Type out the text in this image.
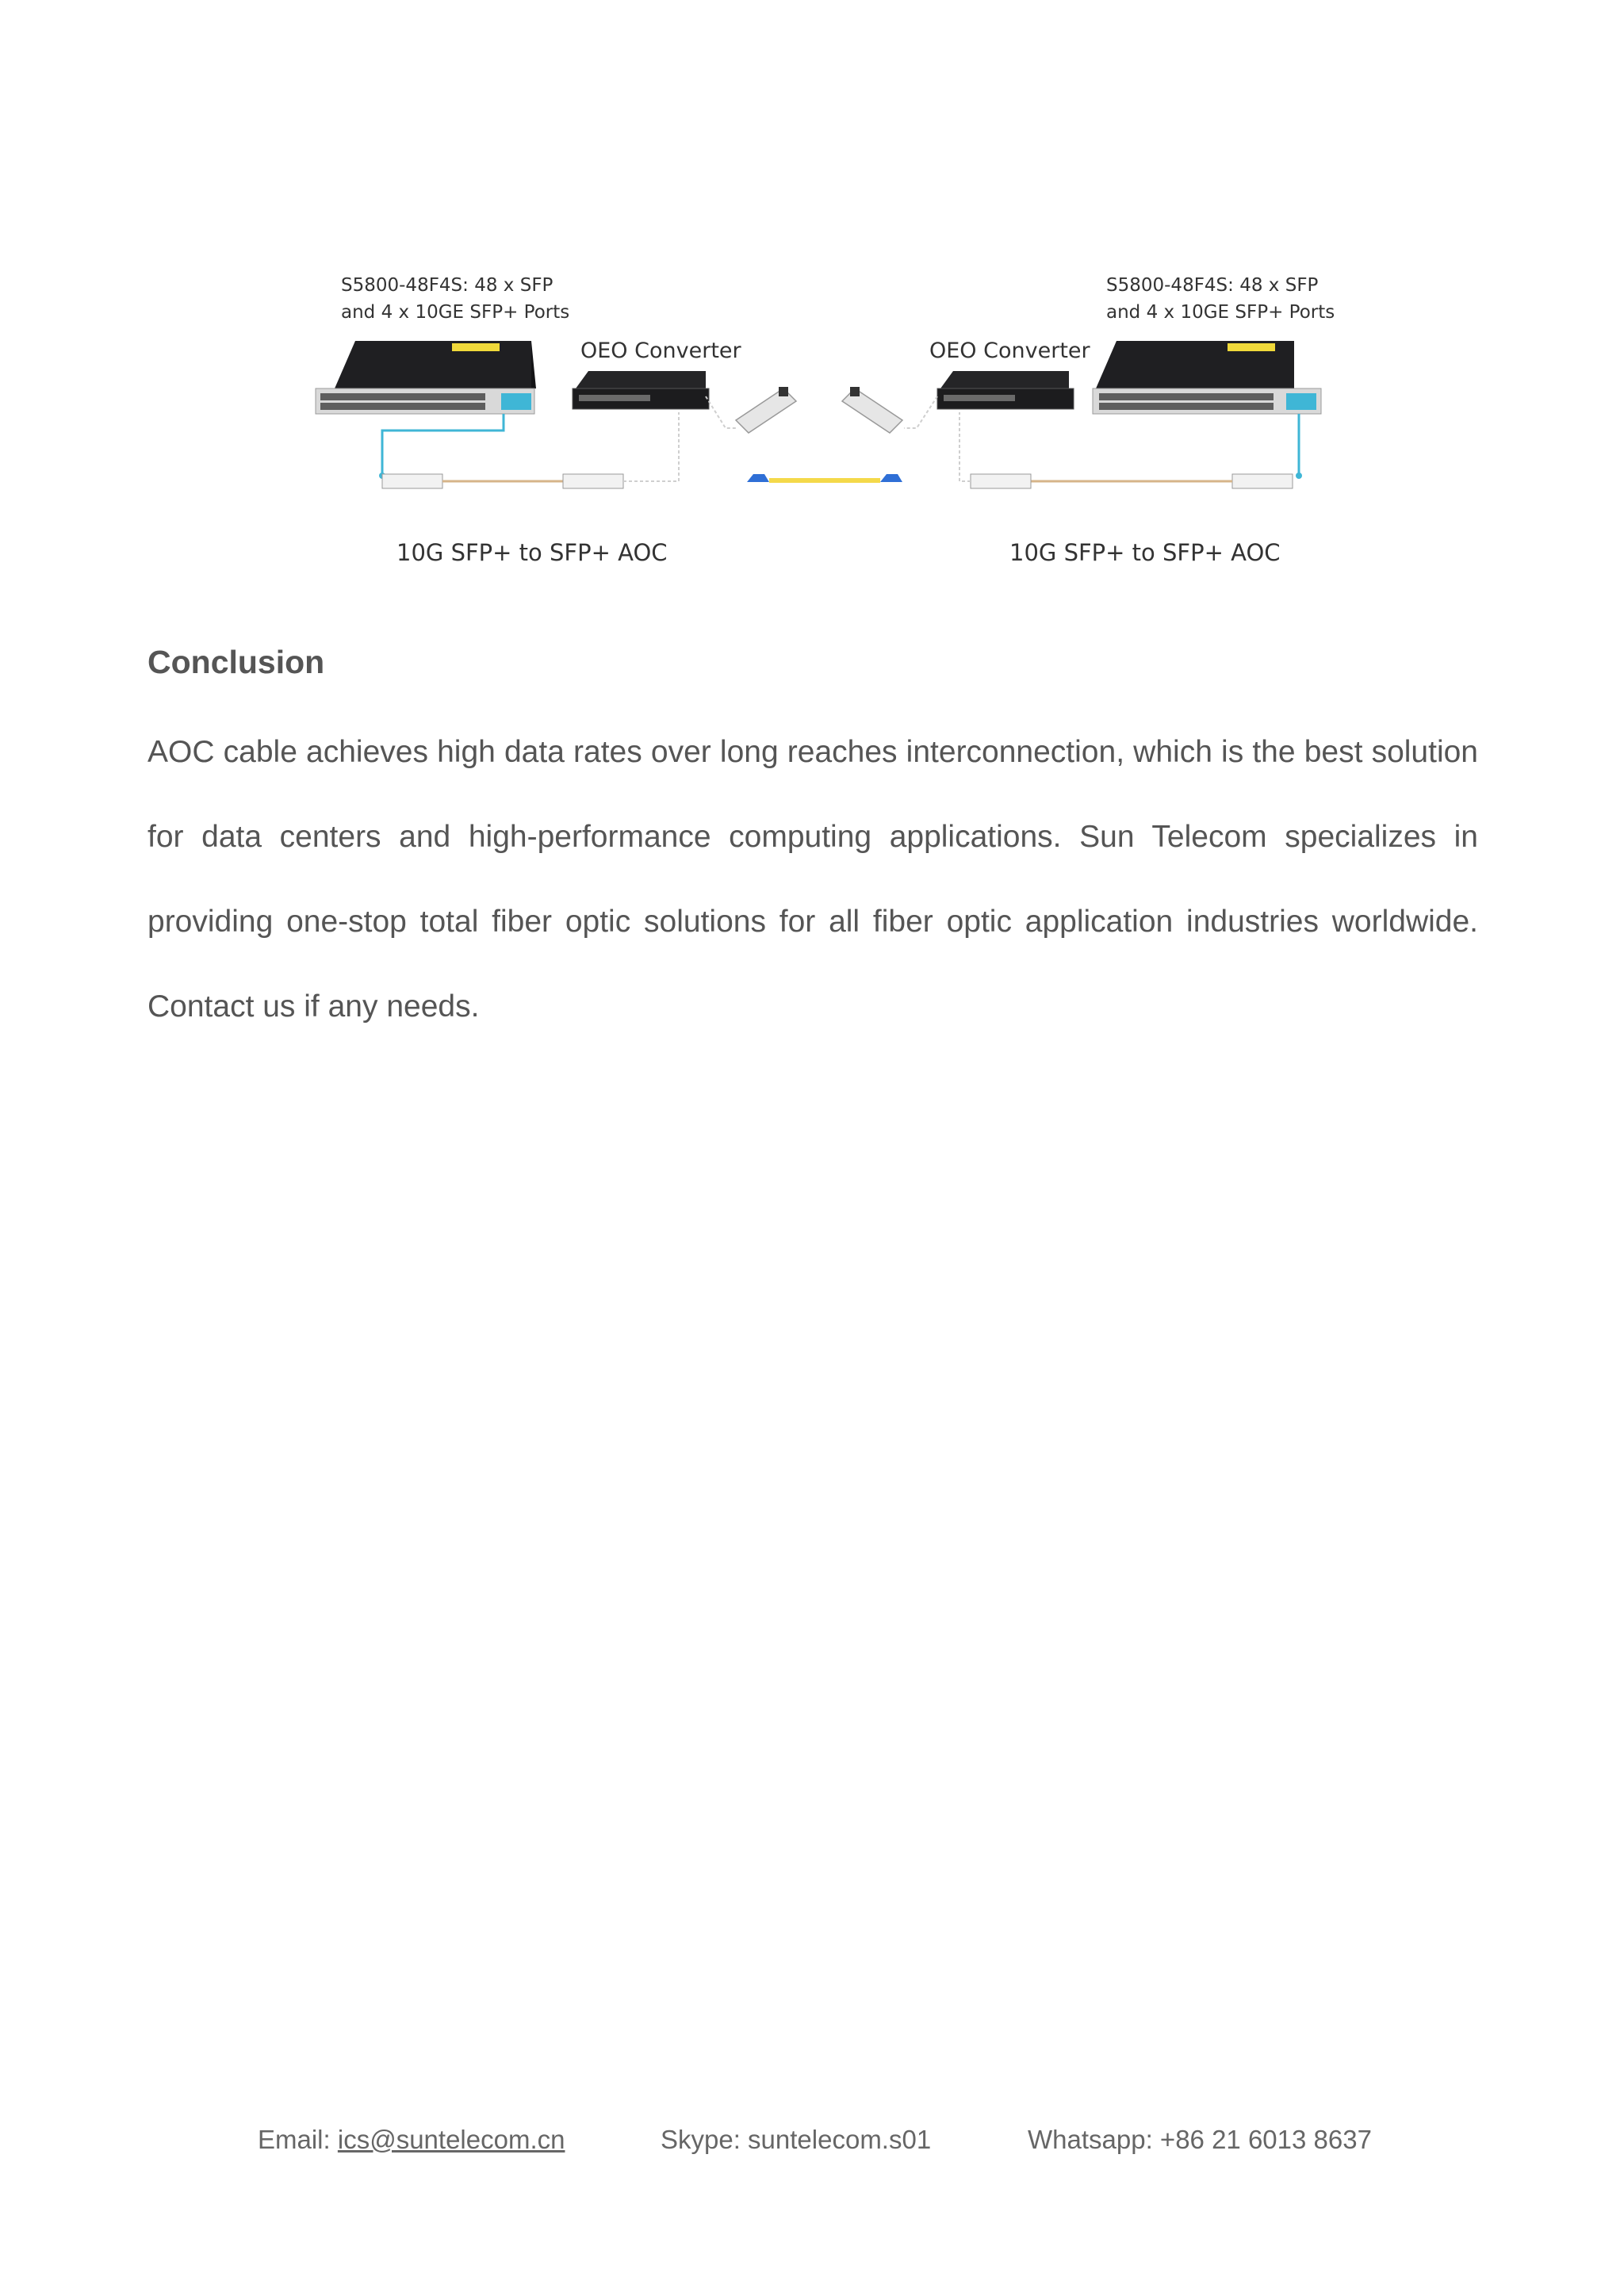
S5800-48F4S: 48 x SFP
and 4 x 10GE SFP+ Ports
S5800-48F4S: 48 x SFP
and 4 x 10GE SFP+ Ports
OEO Converter	OEO Converter
10G SFP+ to SFP+ AOC	10G SFP+ to SFP+ AOC
Conclusion

AOC cable achieves high data rates over long reaches interconnection, which is the best solution for data centers and high-performance computing applications. Sun Telecom specializes in providing one-stop total fiber optic solutions for all fiber optic application industries worldwide. Contact us if any needs.

Email: ics@suntelecom.cn	Skype: suntelecom.s01	Whatsapp: +86 21 6013 8637
